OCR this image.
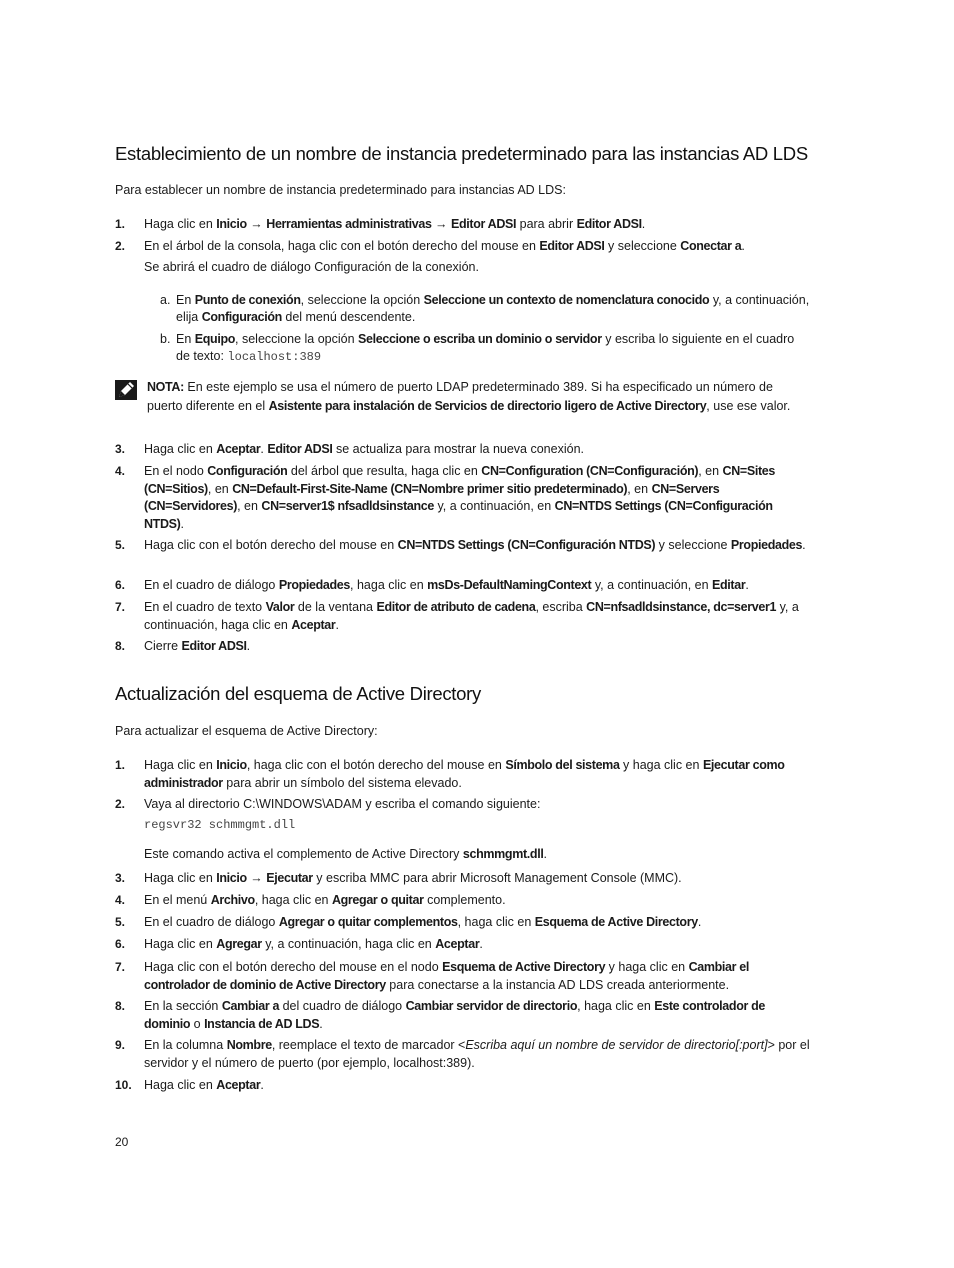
Establecimiento de un nombre de instancia predeterminado para las instancias AD LDS

Para establecer un nombre de instancia predeterminado para instancias AD LDS:

1. Haga clic en Inicio → Herramientas administrativas → Editor ADSI para abrir Editor ADSI.
2. En el árbol de la consola, haga clic con el botón derecho del mouse en Editor ADSI y seleccione Conectar a.
Se abrirá el cuadro de diálogo Configuración de la conexión.
a. En Punto de conexión, seleccione la opción Seleccione un contexto de nomenclatura conocido y, a continuación, elija Configuración del menú descendente.
b. En Equipo, seleccione la opción Seleccione o escriba un dominio o servidor y escriba lo siguiente en el cuadro de texto: localhost:389
NOTA: En este ejemplo se usa el número de puerto LDAP predeterminado 389. Si ha especificado un número de puerto diferente en el Asistente para instalación de Servicios de directorio ligero de Active Directory, use ese valor.
3. Haga clic en Aceptar. Editor ADSI se actualiza para mostrar la nueva conexión.
4. En el nodo Configuración del árbol que resulta, haga clic en CN=Configuration (CN=Configuración), en CN=Sites (CN=Sitios), en CN=Default-First-Site-Name (CN=Nombre primer sitio predeterminado), en CN=Servers (CN=Servidores), en CN=server1$ nfsadldsinstance y, a continuación, en CN=NTDS Settings (CN=Configuración NTDS).
5. Haga clic con el botón derecho del mouse en CN=NTDS Settings (CN=Configuración NTDS) y seleccione Propiedades.
6. En el cuadro de diálogo Propiedades, haga clic en msDs-DefaultNamingContext y, a continuación, en Editar.
7. En el cuadro de texto Valor de la ventana Editor de atributo de cadena, escriba CN=nfsadldsinstance, dc=server1 y, a continuación, haga clic en Aceptar.
8. Cierre Editor ADSI.
Actualización del esquema de Active Directory

Para actualizar el esquema de Active Directory:

1. Haga clic en Inicio, haga clic con el botón derecho del mouse en Símbolo del sistema y haga clic en Ejecutar como administrador para abrir un símbolo del sistema elevado.
2. Vaya al directorio C:\WINDOWS\ADAM y escriba el comando siguiente:
regsvr32 schmmgmt.dll
Este comando activa el complemento de Active Directory schmmgmt.dll.
3. Haga clic en Inicio → Ejecutar y escriba MMC para abrir Microsoft Management Console (MMC).
4. En el menú Archivo, haga clic en Agregar o quitar complemento.
5. En el cuadro de diálogo Agregar o quitar complementos, haga clic en Esquema de Active Directory.
6. Haga clic en Agregar y, a continuación, haga clic en Aceptar.
7. Haga clic con el botón derecho del mouse en el nodo Esquema de Active Directory y haga clic en Cambiar el controlador de dominio de Active Directory para conectarse a la instancia AD LDS creada anteriormente.
8. En la sección Cambiar a del cuadro de diálogo Cambiar servidor de directorio, haga clic en Este controlador de dominio o Instancia de AD LDS.
9. En la columna Nombre, reemplace el texto de marcador <Escriba aquí un nombre de servidor de directorio[:port]> por el servidor y el número de puerto (por ejemplo, localhost:389).
10. Haga clic en Aceptar.
20
